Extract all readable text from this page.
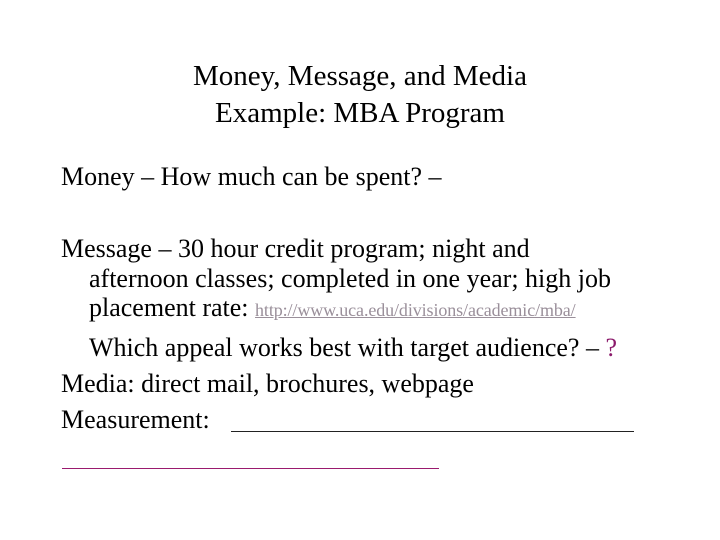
Money, Message, and Media
Example: MBA Program
Money – How much can be spent? –
Message – 30 hour credit program; night and
afternoon classes; completed in one year; high job
placement rate: http://www.uca.edu/divisions/academic/mba/
Which appeal works best with target audience? – ?
Media: direct mail, brochures, webpage
Measurement:
